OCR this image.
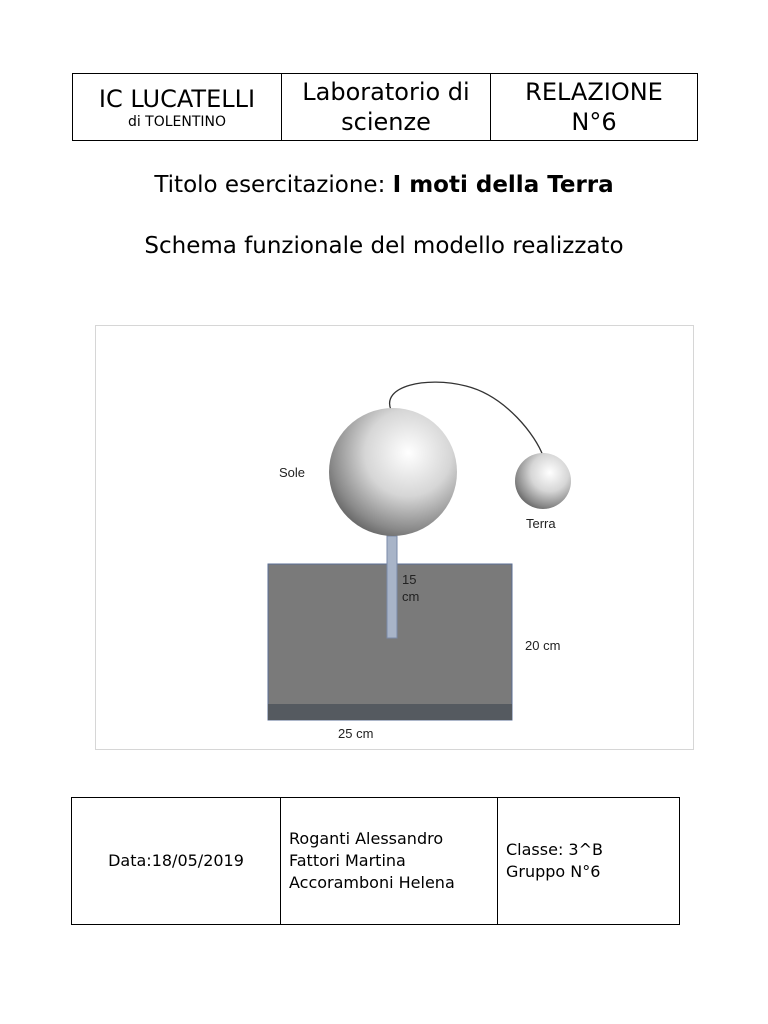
IC LUCATELLI
di TOLENTINO

Laboratorio di
scienze

RELAZIONE
N°6
Titolo esercitazione: I moti della Terra
Schema funzionale del modello realizzato
Sole
Terra
15
cm
20 cm
25 cm
Data:18/05/2019	
Roganti Alessandro
Fattori Martina
Accoramboni Helena

Classe: 3^B
Gruppo N°6
